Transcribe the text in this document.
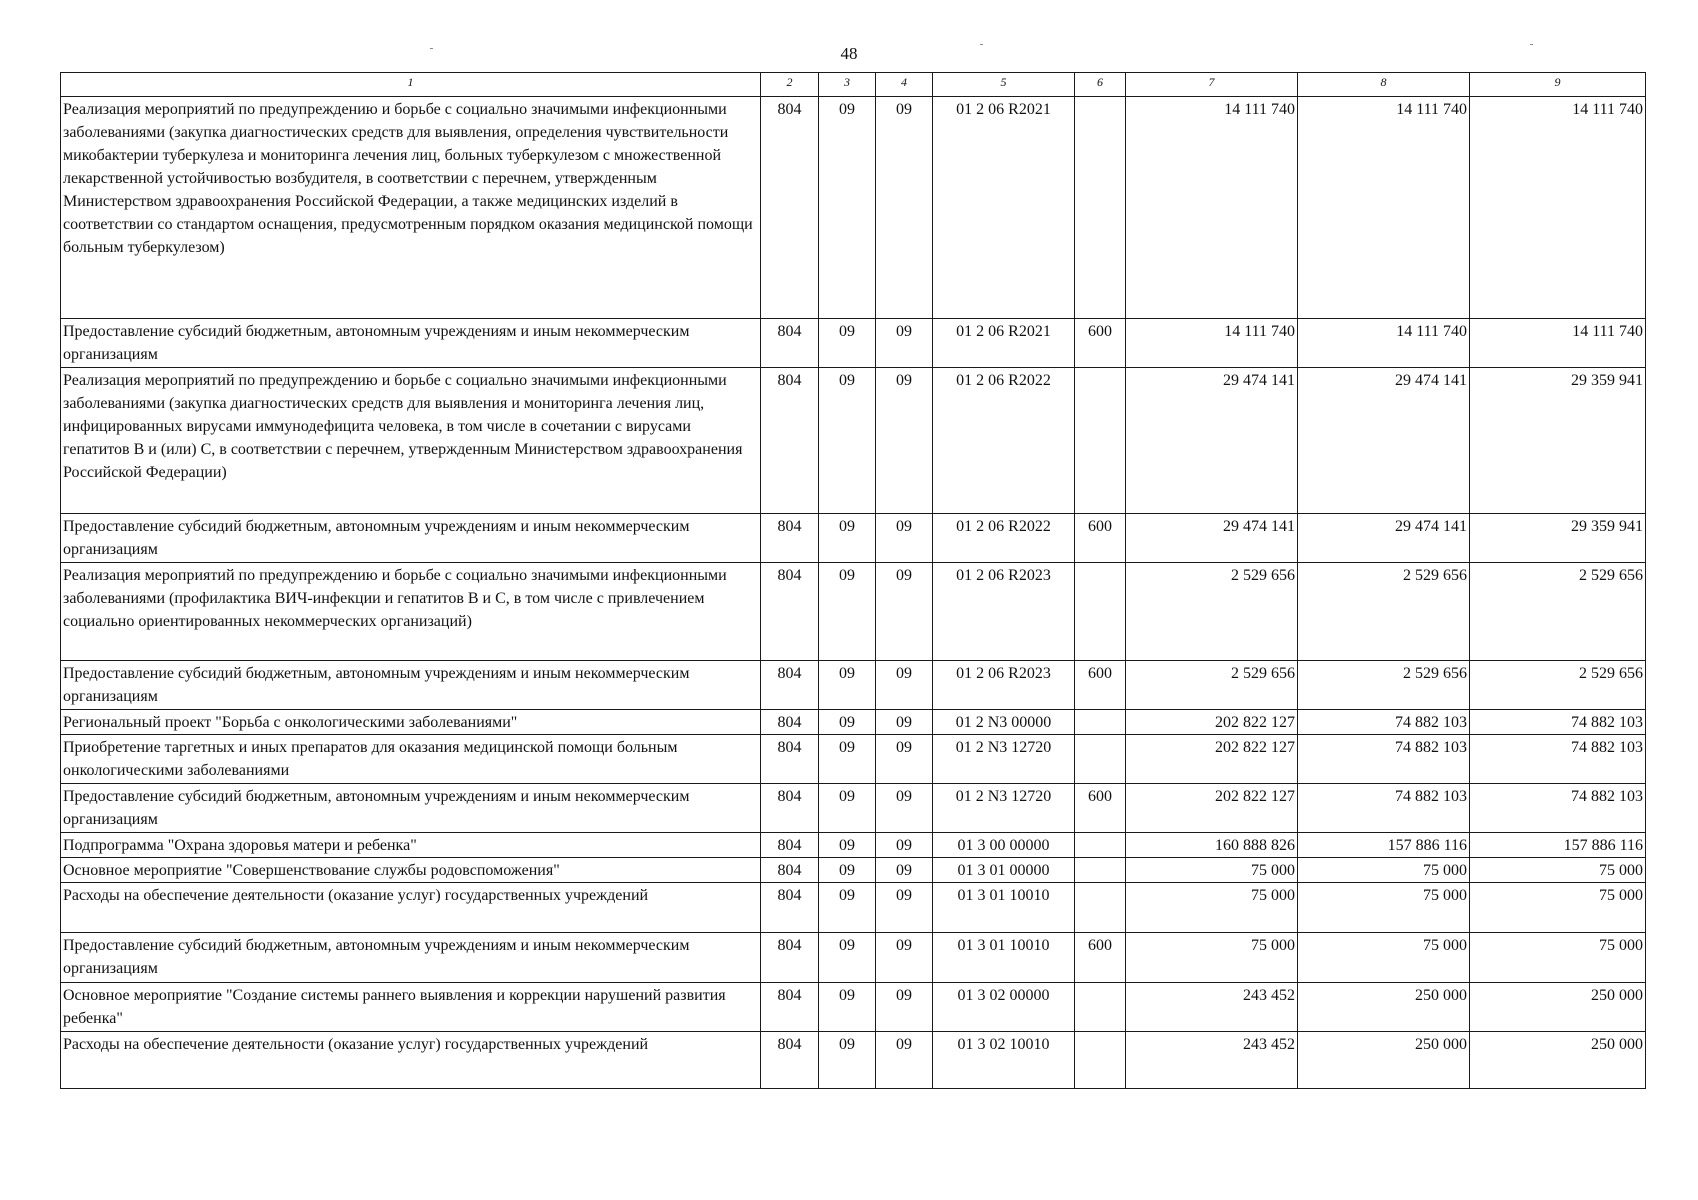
48
1	2	3	4	5	6	7	8	9
Реализация мероприятий по предупреждению и борьбе с социально значимыми инфекционными заболеваниями (закупка диагностических средств для выявления, определения чувствительности микобактерии туберкулеза и мониторинга лечения лиц, больных туберкулезом с множественной лекарственной устойчивостью возбудителя, в соответствии с перечнем, утвержденным Министерством здравоохранения Российской Федерации, а также медицинских изделий в соответствии со стандартом оснащения, предусмотренным порядком оказания медицинской помощи больным туберкулезом)	804	09	09	01 2 06 R2021		14 111 740	14 111 740	14 111 740
Предоставление субсидий бюджетным, автономным учреждениям и иным некоммерческим организациям	804	09	09	01 2 06 R2021	600	14 111 740	14 111 740	14 111 740
Реализация мероприятий по предупреждению и борьбе с социально значимыми инфекционными заболеваниями (закупка диагностических средств для выявления и мониторинга лечения лиц, инфицированных вирусами иммунодефицита человека, в том числе в сочетании с вирусами гепатитов В и (или) С, в соответствии с перечнем, утвержденным Министерством здравоохранения Российской Федерации)	804	09	09	01 2 06 R2022		29 474 141	29 474 141	29 359 941
Предоставление субсидий бюджетным, автономным учреждениям и иным некоммерческим организациям	804	09	09	01 2 06 R2022	600	29 474 141	29 474 141	29 359 941
Реализация мероприятий по предупреждению и борьбе с социально значимыми инфекционными заболеваниями (профилактика ВИЧ-инфекции и гепатитов В и С, в том числе с привлечением социально ориентированных некоммерческих организаций)	804	09	09	01 2 06 R2023		2 529 656	2 529 656	2 529 656
Предоставление субсидий бюджетным, автономным учреждениям и иным некоммерческим организациям	804	09	09	01 2 06 R2023	600	2 529 656	2 529 656	2 529 656
Региональный проект "Борьба с онкологическими заболеваниями"	804	09	09	01 2 N3 00000		202 822 127	74 882 103	74 882 103
Приобретение таргетных и иных препаратов для оказания медицинской помощи больным онкологическими заболеваниями	804	09	09	01 2 N3 12720		202 822 127	74 882 103	74 882 103
Предоставление субсидий бюджетным, автономным учреждениям и иным некоммерческим организациям	804	09	09	01 2 N3 12720	600	202 822 127	74 882 103	74 882 103
Подпрограмма "Охрана здоровья матери и ребенка"	804	09	09	01 3 00 00000		160 888 826	157 886 116	157 886 116
Основное мероприятие "Совершенствование службы родовспоможения"	804	09	09	01 3 01 00000		75 000	75 000	75 000
Расходы на обеспечение деятельности (оказание услуг) государственных учреждений	804	09	09	01 3 01 10010		75 000	75 000	75 000
Предоставление субсидий бюджетным, автономным учреждениям и иным некоммерческим организациям	804	09	09	01 3 01 10010	600	75 000	75 000	75 000
Основное мероприятие "Создание системы раннего выявления и коррекции нарушений развития ребенка"	804	09	09	01 3 02 00000		243 452	250 000	250 000
Расходы на обеспечение деятельности (оказание услуг) государственных учреждений	804	09	09	01 3 02 10010		243 452	250 000	250 000
